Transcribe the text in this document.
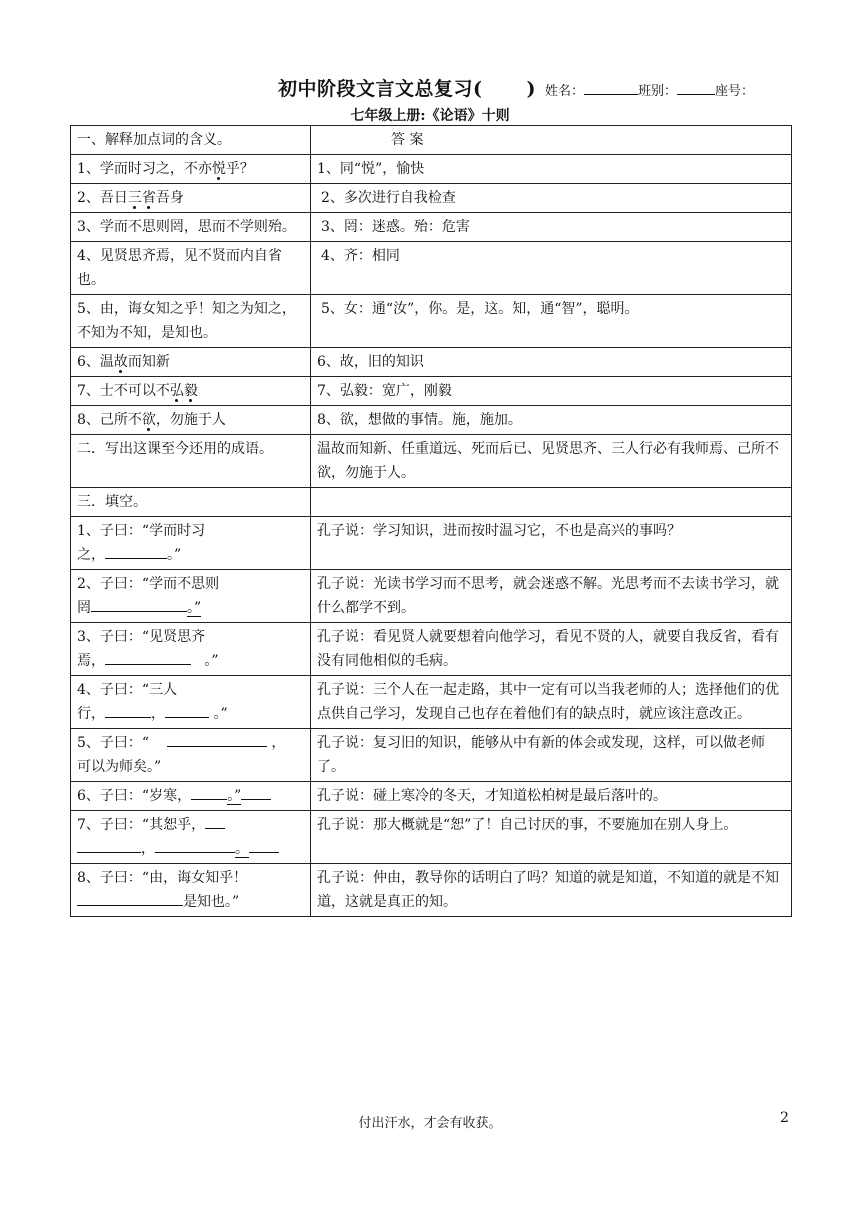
初中阶段文言文总复习( ) 姓名：	班别：	座号：
七年级上册:《论语》十则
一、解释加点词的含义。	答 案
1、学而时习之，不亦悦乎？	1、同“悦”，愉快
2、吾日三省吾身	2、多次进行自我检查
3、学而不思则罔，思而不学则殆。	3、罔：迷惑。殆：危害
4、见贤思齐焉，见不贤而内自省也。	4、齐：相同
5、由，诲女知之乎！知之为知之，不知为不知，是知也。	5、女：通“汝”，你。是，这。知，通“智”，聪明。
6、温故而知新	6、故，旧的知识
7、士不可以不弘毅	7、弘毅：宽广，刚毅
8、己所不欲，勿施于人	8、欲，想做的事情。施，施加。
二．写出这课至今还用的成语。	温故而知新、任重道远、死而后已、见贤思齐、三人行必有我师焉、己所不欲，勿施于人。
三．填空。	

1、子曰：“学而时习
之， 。”	孔子说：学习知识，进而按时温习它，不也是高兴的事吗？

2、子曰：“学而不思则
罔 。”	孔子说：光读书学习而不思考，就会迷惑不解。光思考而不去读书学习，就什么都学不到。

3、子曰：“见贤思齐
焉， 。”	孔子说：看见贤人就要想着向他学习，看见不贤的人，就要自我反省，看有没有同他相似的毛病。

4、子曰：“三人
行， ， 。”	孔子说：三个人在一起走路，其中一定有可以当我老师的人；选择他们的优点供自己学习，发现自己也存在着他们有的缺点时，就应该注意改正。

5、子曰：“ ，
可以为师矣。”	孔子说：复习旧的知识，能够从中有新的体会或发现，这样，可以做老师了。
6、子曰：“岁寒， 。”	孔子说：碰上寒冷的冬天，才知道松柏树是最后落叶的。

7、子曰：“其恕乎，
， 。	孔子说：那大概就是“恕”了！自己讨厌的事，不要施加在别人身上。

8、子曰：“由，诲女知乎！
是知也。”	孔子说：仲由，教导你的话明白了吗？知道的就是知道，不知道的就是不知道，这就是真正的知。
付出汗水，才会有收获。	2
